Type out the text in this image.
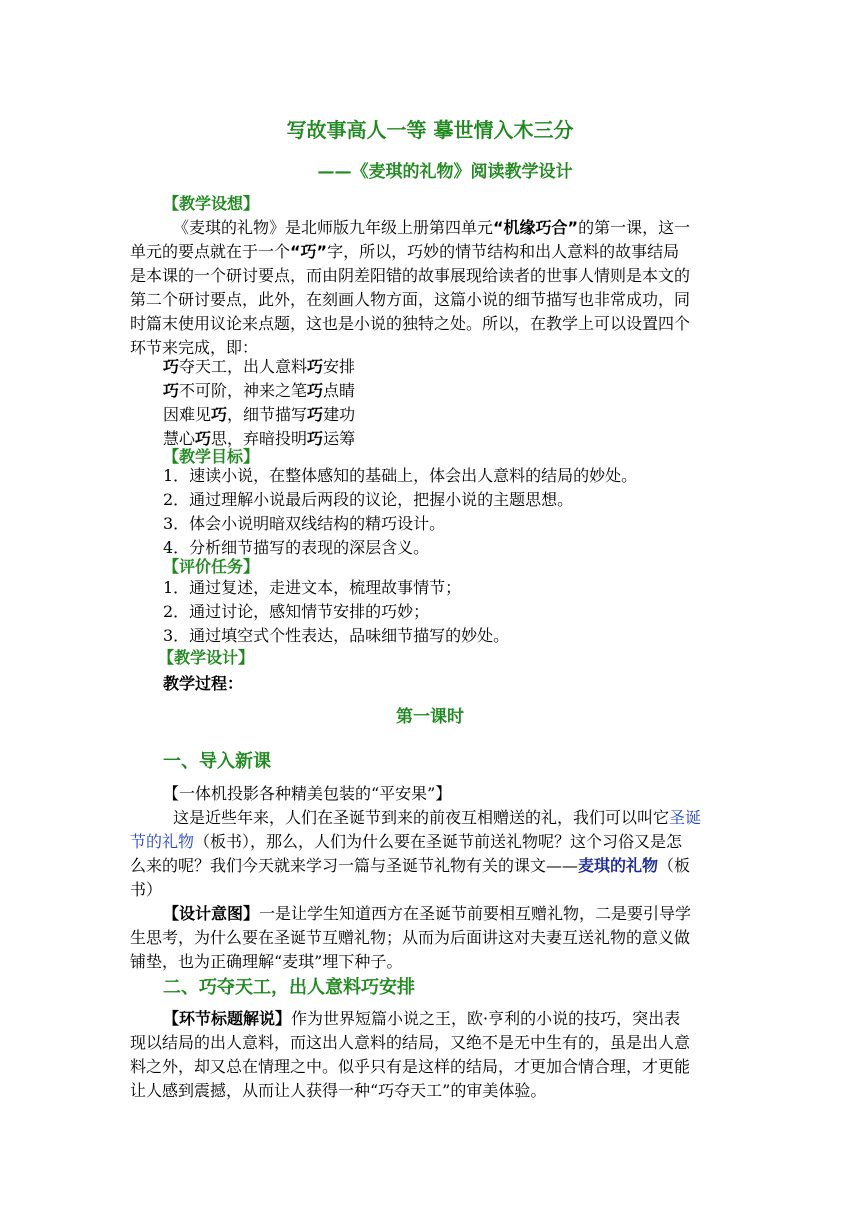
写故事高人一等 摹世情入木三分
——《麦琪的礼物》阅读教学设计
【教学设想】
《麦琪的礼物》是北师版九年级上册第四单元“机缘巧合”的第一课，这一
单元的要点就在于一个“巧”字，所以，巧妙的情节结构和出人意料的故事结局
是本课的一个研讨要点，而由阴差阳错的故事展现给读者的世事人情则是本文的
第二个研讨要点，此外，在刻画人物方面，这篇小说的细节描写也非常成功，同
时篇末使用议论来点题，这也是小说的独特之处。所以，在教学上可以设置四个
环节来完成，即：
巧夺天工，出人意料巧安排
巧不可阶，神来之笔巧点睛
因难见巧，细节描写巧建功
慧心巧思，弃暗投明巧运筹
【教学目标】
1．速读小说，在整体感知的基础上，体会出人意料的结局的妙处。
2．通过理解小说最后两段的议论，把握小说的主题思想。
3．体会小说明暗双线结构的精巧设计。
4．分析细节描写的表现的深层含义。
【评价任务】
1．通过复述，走进文本，梳理故事情节；
2．通过讨论，感知情节安排的巧妙；
3．通过填空式个性表达，品味细节描写的妙处。
【教学设计】
教学过程：
第一课时
一、导入新课
【一体机投影各种精美包装的“平安果”】
这是近些年来，人们在圣诞节到来的前夜互相赠送的礼，我们可以叫它圣诞
节的礼物（板书），那么，人们为什么要在圣诞节前送礼物呢？这个习俗又是怎
么来的呢？我们今天就来学习一篇与圣诞节礼物有关的课文——麦琪的礼物（板
书）
【设计意图】一是让学生知道西方在圣诞节前要相互赠礼物，二是要引导学
生思考，为什么要在圣诞节互赠礼物；从而为后面讲这对夫妻互送礼物的意义做
铺垫，也为正确理解“麦琪”埋下种子。
二、巧夺天工，出人意料巧安排
【环节标题解说】作为世界短篇小说之王，欧·亨利的小说的技巧，突出表
现以结局的出人意料，而这出人意料的结局，又绝不是无中生有的，虽是出人意
料之外，却又总在情理之中。似乎只有是这样的结局，才更加合情合理，才更能
让人感到震撼，从而让人获得一种“巧夺天工”的审美体验。
